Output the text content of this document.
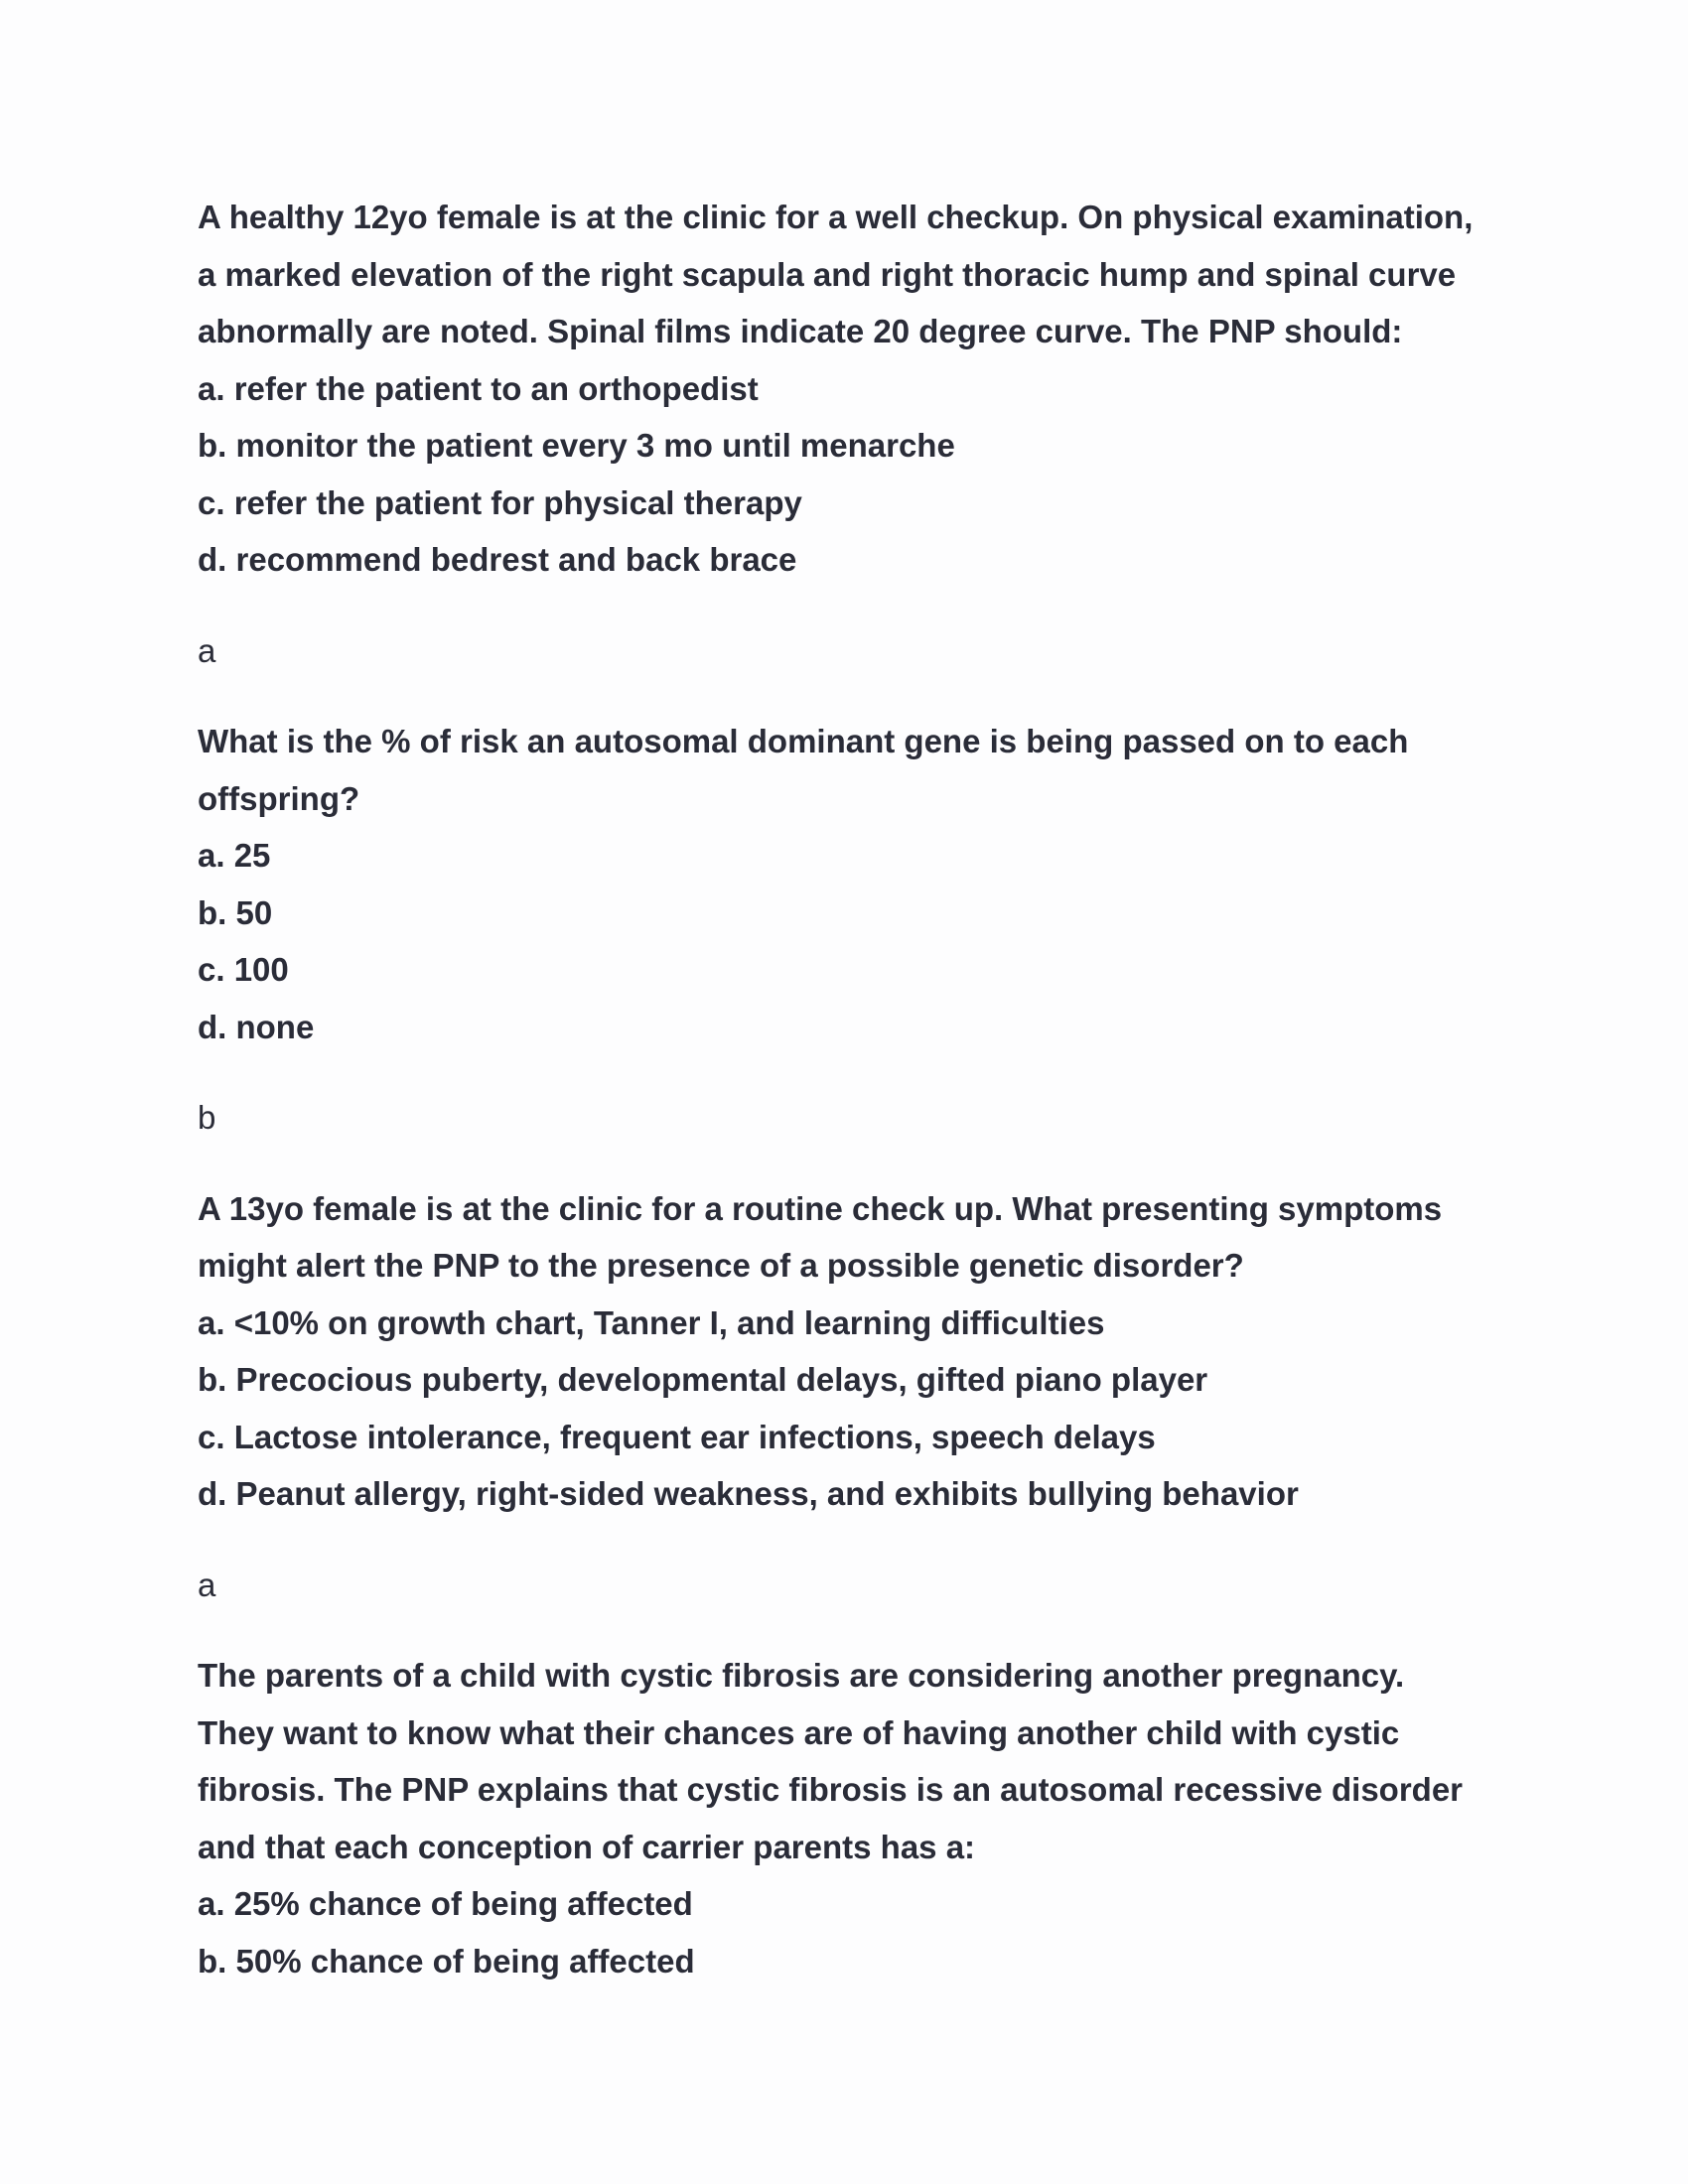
A healthy 12yo female is at the clinic for a well checkup. On physical examination,

a marked elevation of the right scapula and right thoracic hump and spinal curve

abnormally are noted. Spinal films indicate 20 degree curve. The PNP should:

a. refer the patient to an orthopedist

b. monitor the patient every 3 mo until menarche

c. refer the patient for physical therapy

d. recommend bedrest and back brace

a

What is the % of risk an autosomal dominant gene is being passed on to each

offspring?

a. 25

b. 50

c. 100

d. none

b

A 13yo female is at the clinic for a routine check up. What presenting symptoms

might alert the PNP to the presence of a possible genetic disorder?

a. <10% on growth chart, Tanner I, and learning difficulties

b. Precocious puberty, developmental delays, gifted piano player

c. Lactose intolerance, frequent ear infections, speech delays

d. Peanut allergy, right-sided weakness, and exhibits bullying behavior

a

The parents of a child with cystic fibrosis are considering another pregnancy.

They want to know what their chances are of having another child with cystic

fibrosis. The PNP explains that cystic fibrosis is an autosomal recessive disorder

and that each conception of carrier parents has a:

a. 25% chance of being affected

b. 50% chance of being affected
